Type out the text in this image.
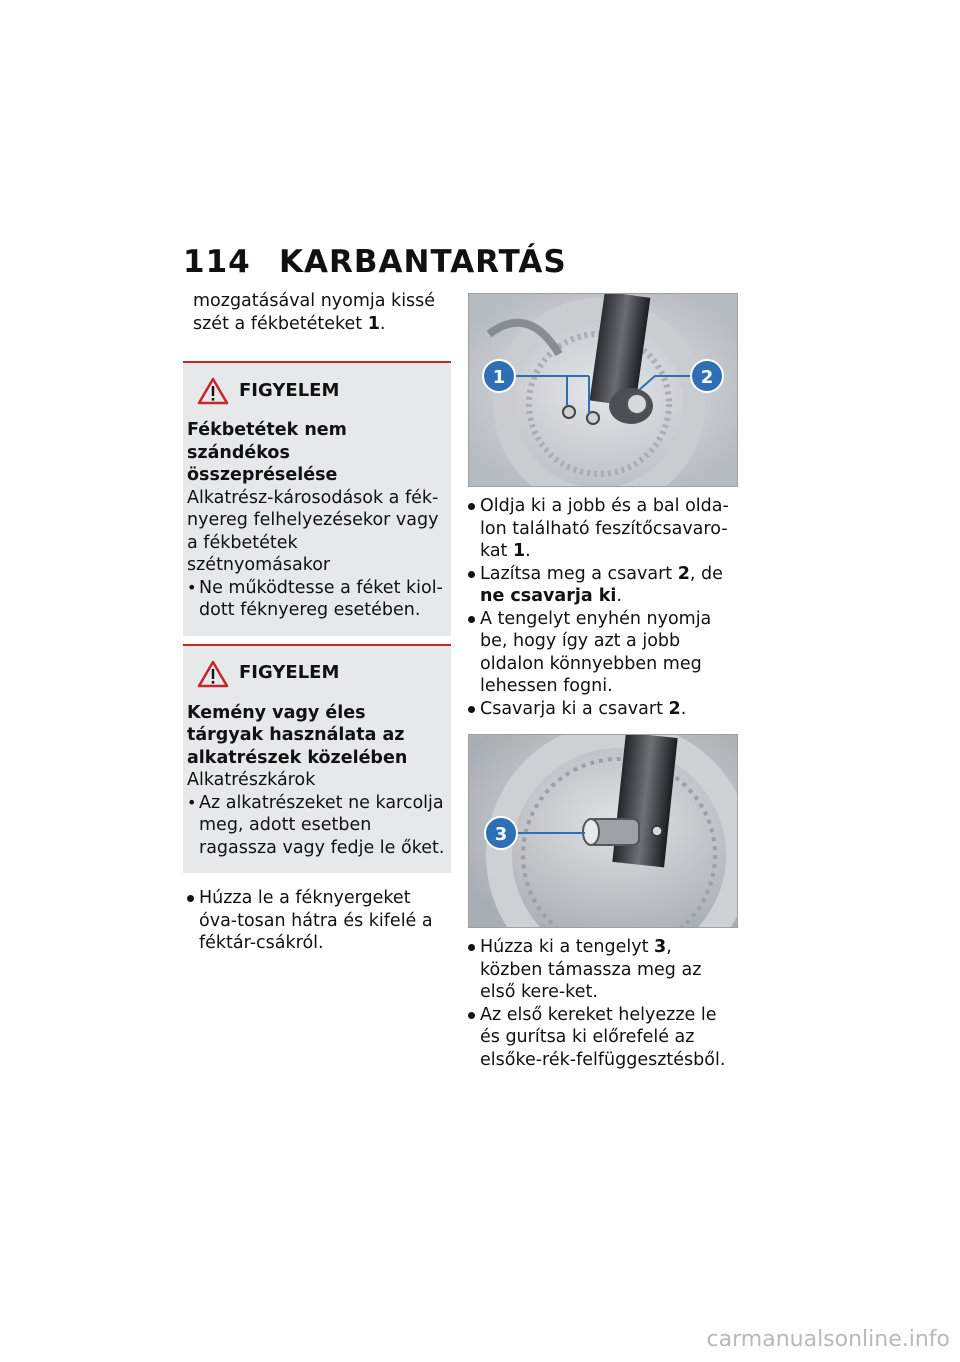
114 KARBANTARTÁS

mozgatásával nyomja kissé
szét a fékbetéteket 1.

FIGYELEM

Fékbetétek nem szándékos összepréselése

Alkatrész-károsodások a fék-nyereg felhelyezésekor vagy a fékbetétek szétnyomásakor

• Ne működtesse a féket kiol-dott féknyereg esetében.
FIGYELEM

Kemény vagy éles tárgyak használata az alkatrészek közelében

Alkatrészkárok

• Az alkatrészeket ne karcolja meg, adott esetben ragassza vagy fedje le őket.
Húzza le a féknyergeket óva-tosan hátra és kifelé a féktár-csákról.
1	2
Oldja ki a jobb és a bal olda-lon található feszítőcsavaro-kat 1.
Lazítsa meg a csavart 2, de ne csavarja ki.
A tengelyt enyhén nyomja be, hogy így azt a jobb oldalon könnyebben meg lehessen fogni.
Csavarja ki a csavart 2.
3
Húzza ki a tengelyt 3, közben támassza meg az első kere-ket.
Az első kereket helyezze le és gurítsa ki előrefelé az elsőke-rék-felfüggesztésből.
carmanualsonline.info
